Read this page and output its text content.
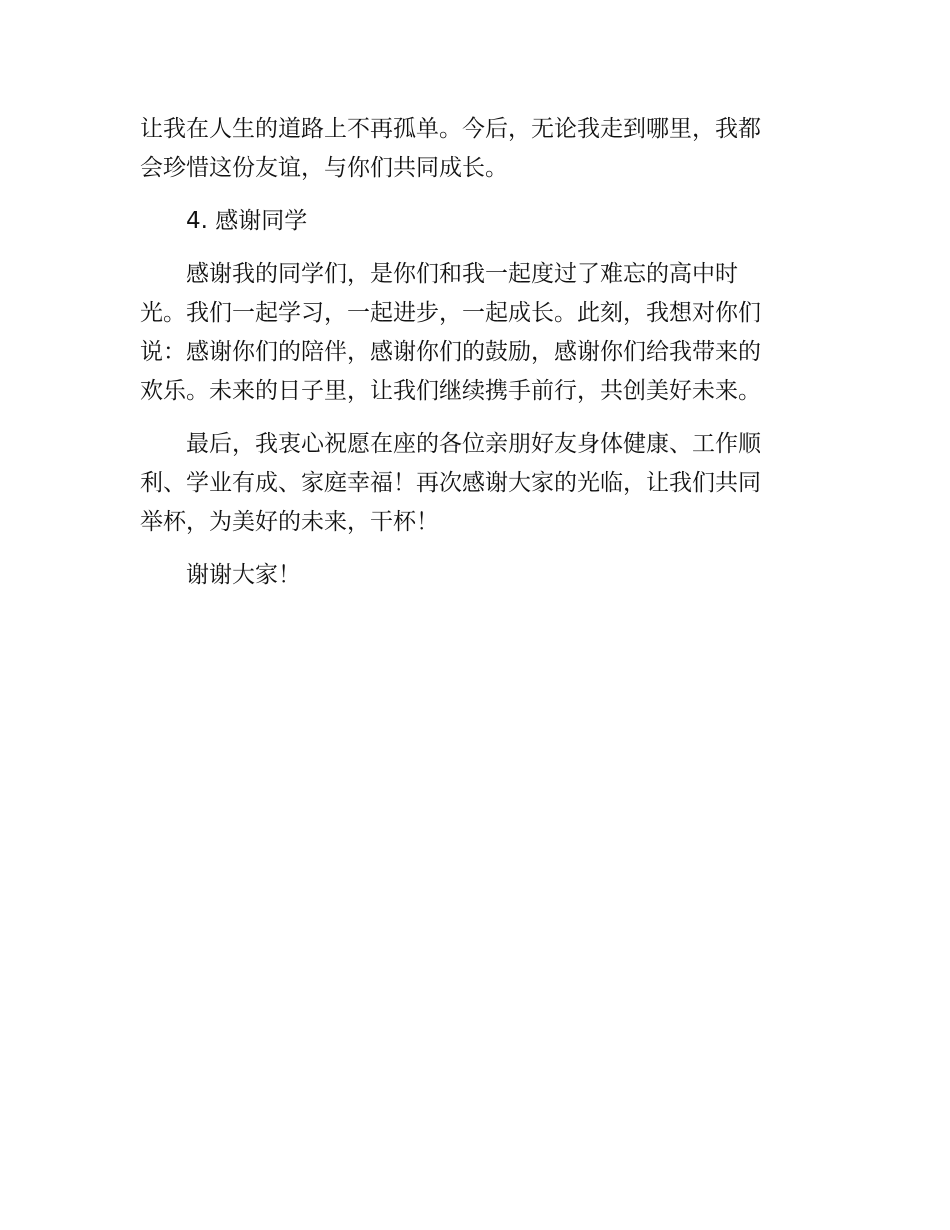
让我在人生的道路上不再孤单。今后，无论我走到哪里，我都
会珍惜这份友谊，与你们共同成长。
4. 感谢同学
感谢我的同学们，是你们和我一起度过了难忘的高中时
光。我们一起学习，一起进步，一起成长。此刻，我想对你们
说：感谢你们的陪伴，感谢你们的鼓励，感谢你们给我带来的
欢乐。未来的日子里，让我们继续携手前行，共创美好未来。
最后，我衷心祝愿在座的各位亲朋好友身体健康、工作顺
利、学业有成、家庭幸福！再次感谢大家的光临，让我们共同
举杯，为美好的未来，干杯！
谢谢大家！
